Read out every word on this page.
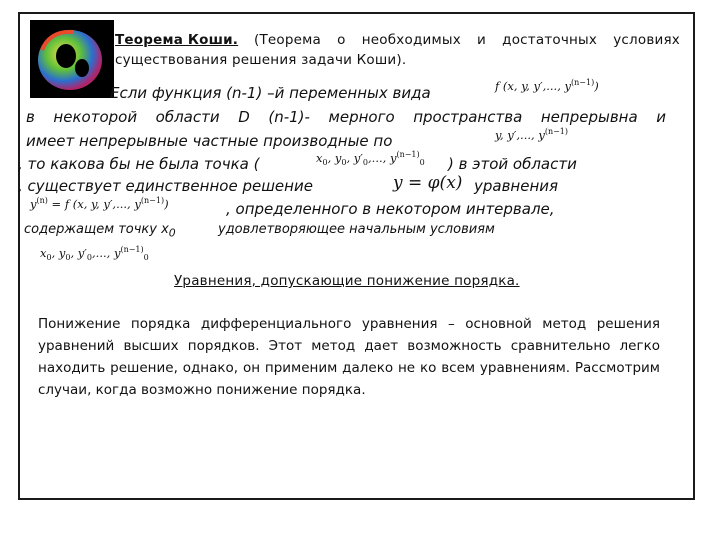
Теорема Коши. (Теорема о необходимых и достаточных условиях
существования решения задачи Коши).
Если функция (n-1) –й переменных вида	f (x, y, y′,..., $y^{(n-1)}$)
в некоторой области D (n-1)- мерного пространства непрерывна и
имеет непрерывные частные производные по	y, y′,..., $y^{(n-1)}$
, то какова бы не была точка (	$x_0$, $y_0$, $y'_0$,..., $y^{(n-1)}_0$ ) в этой области
, существует единственное решение	y = φ(x) уравнения
$y^{(n)} = f$ (x, y, y′,..., $y^{(n-1)}$)	, определенного в некотором интервале,
содержащем точку $x_0$	удовлетворяющее начальным условиям
$x_0$, $y_0$, $y'_0$,..., $y^{(n-1)}_0$
Уравнения, допускающие понижение порядка.
Понижение порядка дифференциального уравнения – основной метод решения уравнений высших порядков. Этот метод дает возможность сравнительно легко находить решение, однако, он применим далеко не ко всем уравнениям. Рассмотрим случаи, когда возможно понижение порядка.
